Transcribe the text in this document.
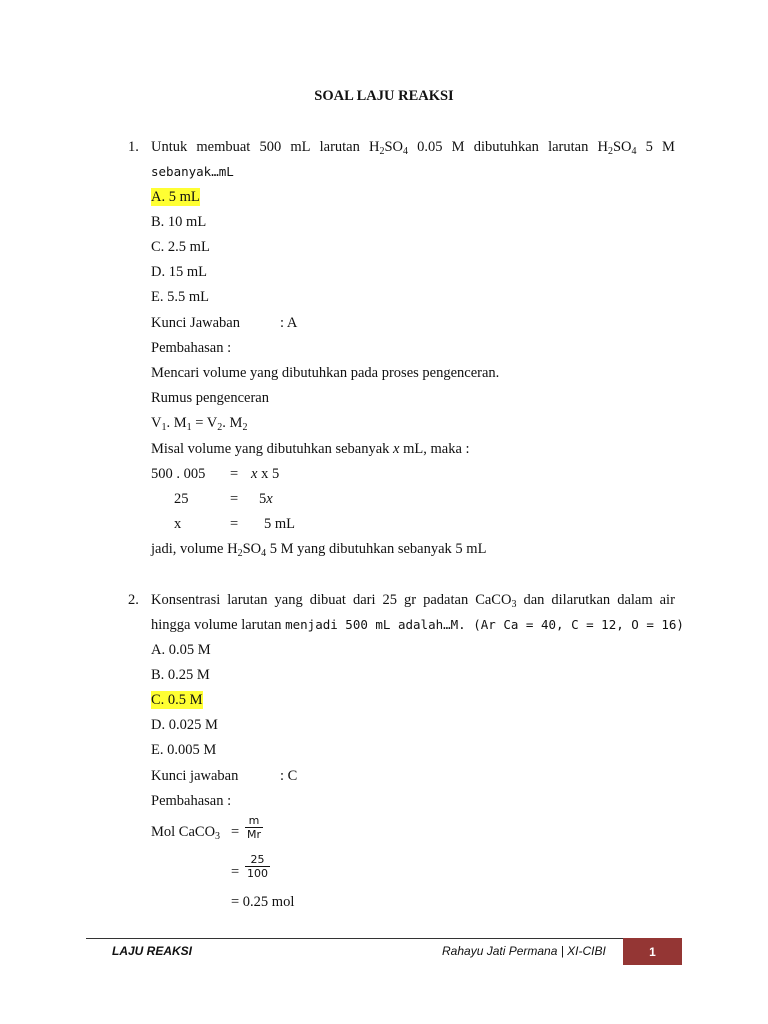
SOAL LAJU REAKSI
1. Untuk membuat 500 mL larutan $H_2SO_4$ 0.05 M dibutuhkan larutan $H_2SO_4$ 5 M
sebanyak…mL
A. 5 mL
B. 10 mL
C. 2.5 mL
D. 15 mL
E. 5.5 mL
Kunci Jawaban	: A
Pembahasan :
Mencari volume yang dibutuhkan pada proses pengenceran.
Rumus pengenceran
$V_1$. $M_1 = V_2$. $M_2$
Misal volume yang dibutuhkan sebanyak x mL, maka :
500 . 005 = x x 5
25	= 5x
x	= 5 mL
jadi, volume $H_2SO_4$ 5 M yang dibutuhkan sebanyak 5 mL
2. Konsentrasi larutan yang dibuat dari 25 gr padatan CaCO$_3$ dan dilarutkan dalam air
hingga volume larutan menjadi 500 mL adalah…M. (Ar Ca = 40, C = 12, O = 16)
A. 0.05 M
B. 0.25 M
C. 0.5 M
D. 0.025 M
E. 0.005 M
Kunci jawaban	: C
Pembahasan :
Mol CaCO$_3$ = $\frac{m}{Mr}$
= $\frac{25}{100}$
= 0.25 mol
LAJU REAKSI	Rahayu Jati Permana | XI-CIBI	1
